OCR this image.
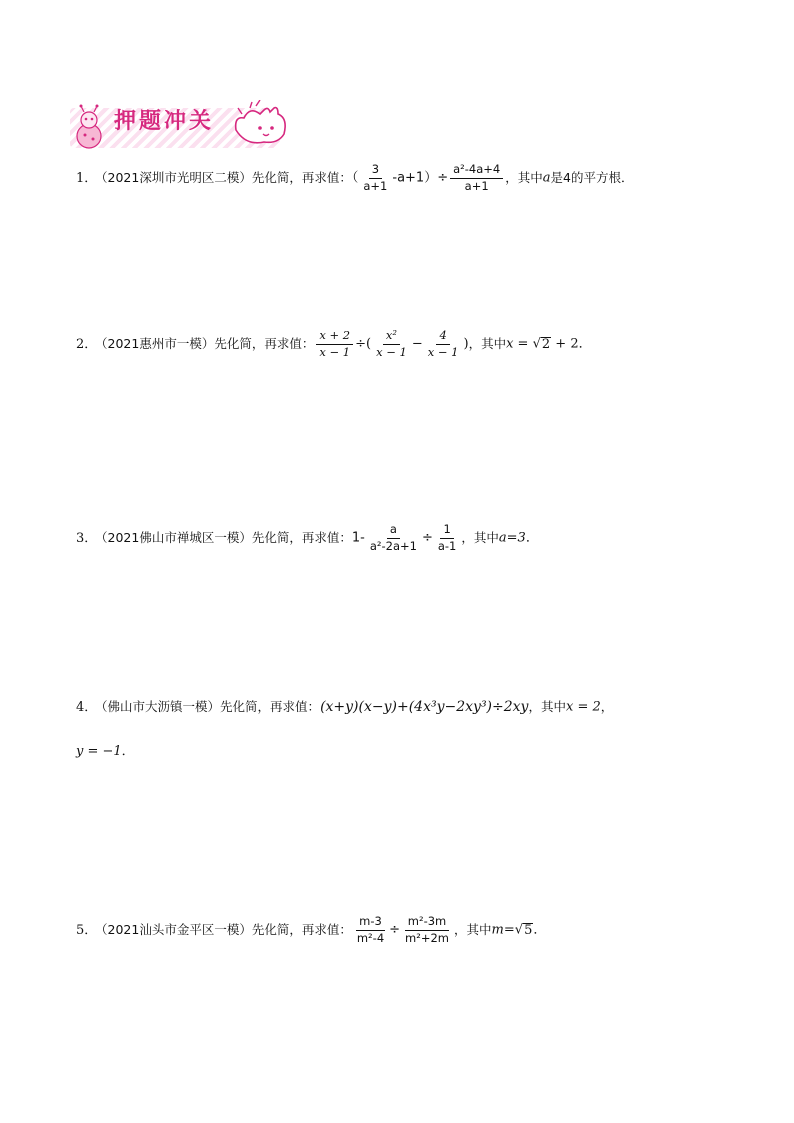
押题冲关
1． （2021深圳市光明区二模）先化简，再求值：（ $\frac{3}{a+1} -a+1)\div \frac{\text{a²-4a+4}}{a+1}$ ，其中a是4的平方根．
2． （2021惠州市一模）先化简，再求值： $\frac{x + 2}{x - 1}$ ÷( $\frac{\text{x²}}{x - 1} - \frac{4}{x - 1}$ )，其中x = √2 + 2．
3． （2021佛山市禅城区一模）先化简，再求值：$1- \frac{a}{\text{a²-2a+1}} \div \frac{1}{a-1}$ ，其中a=3．
4． （佛山市大沥镇一模）先化简，再求值：(x+y)(x−y)+(4x³y−2xy³)÷2xy，其中x = 2，
y = −1．
5． （2021汕头市金平区一模）先化简，再求值： $\frac{m-3}{\text{m²-4}} \div \frac{\text{m²-3m}}{\text{m²+2m}}$ ，其中m=√5．
